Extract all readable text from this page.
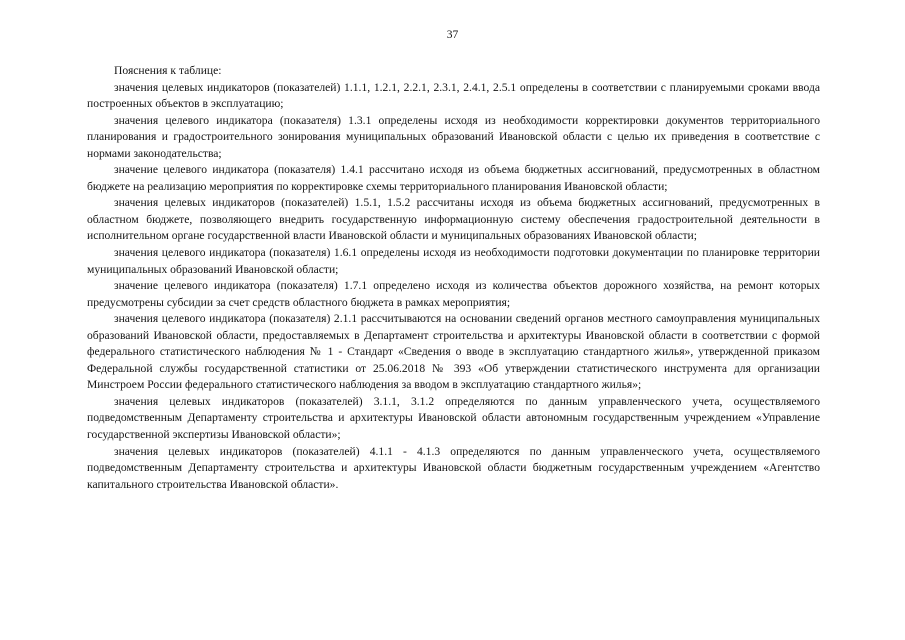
37

Пояснения к таблице:

значения целевых индикаторов (показателей) 1.1.1, 1.2.1, 2.2.1, 2.3.1, 2.4.1, 2.5.1 определены в соответствии с планируемыми сроками ввода построенных объектов в эксплуатацию;

значения целевого индикатора (показателя) 1.3.1 определены исходя из необходимости корректировки документов территориального планирования и градостроительного зонирования муниципальных образований Ивановской области с целью их приведения в соответствие с нормами законодательства;

значение целевого индикатора (показателя) 1.4.1 рассчитано исходя из объема бюджетных ассигнований, предусмотренных в областном бюджете на реализацию мероприятия по корректировке схемы территориального планирования Ивановской области;

значения целевых индикаторов (показателей) 1.5.1, 1.5.2 рассчитаны исходя из объема бюджетных ассигнований, предусмотренных в областном бюджете, позволяющего внедрить государственную информационную систему обеспечения градостроительной деятельности в исполнительном органе государственной власти Ивановской области и муниципальных образованиях Ивановской области;

значения целевого индикатора (показателя) 1.6.1 определены исходя из необходимости подготовки документации по планировке территории муниципальных образований Ивановской области;

значение целевого индикатора (показателя) 1.7.1 определено исходя из количества объектов дорожного хозяйства, на ремонт которых предусмотрены субсидии за счет средств областного бюджета в рамках мероприятия;

значения целевого индикатора (показателя) 2.1.1 рассчитываются на основании сведений органов местного самоуправления муниципальных образований Ивановской области, предоставляемых в Департамент строительства и архитектуры Ивановской области в соответствии с формой федерального статистического наблюдения № 1 - Стандарт «Сведения о вводе в эксплуатацию стандартного жилья», утвержденной приказом Федеральной службы государственной статистики от 25.06.2018 № 393 «Об утверждении статистического инструмента для организации Минстроем России федерального статистического наблюдения за вводом в эксплуатацию стандартного жилья»;

значения целевых индикаторов (показателей) 3.1.1, 3.1.2 определяются по данным управленческого учета, осуществляемого подведомственным Департаменту строительства и архитектуры Ивановской области автономным государственным учреждением «Управление государственной экспертизы Ивановской области»;

значения целевых индикаторов (показателей) 4.1.1 - 4.1.3 определяются по данным управленческого учета, осуществляемого подведомственным Департаменту строительства и архитектуры Ивановской области бюджетным государственным учреждением «Агентство капитального строительства Ивановской области».
